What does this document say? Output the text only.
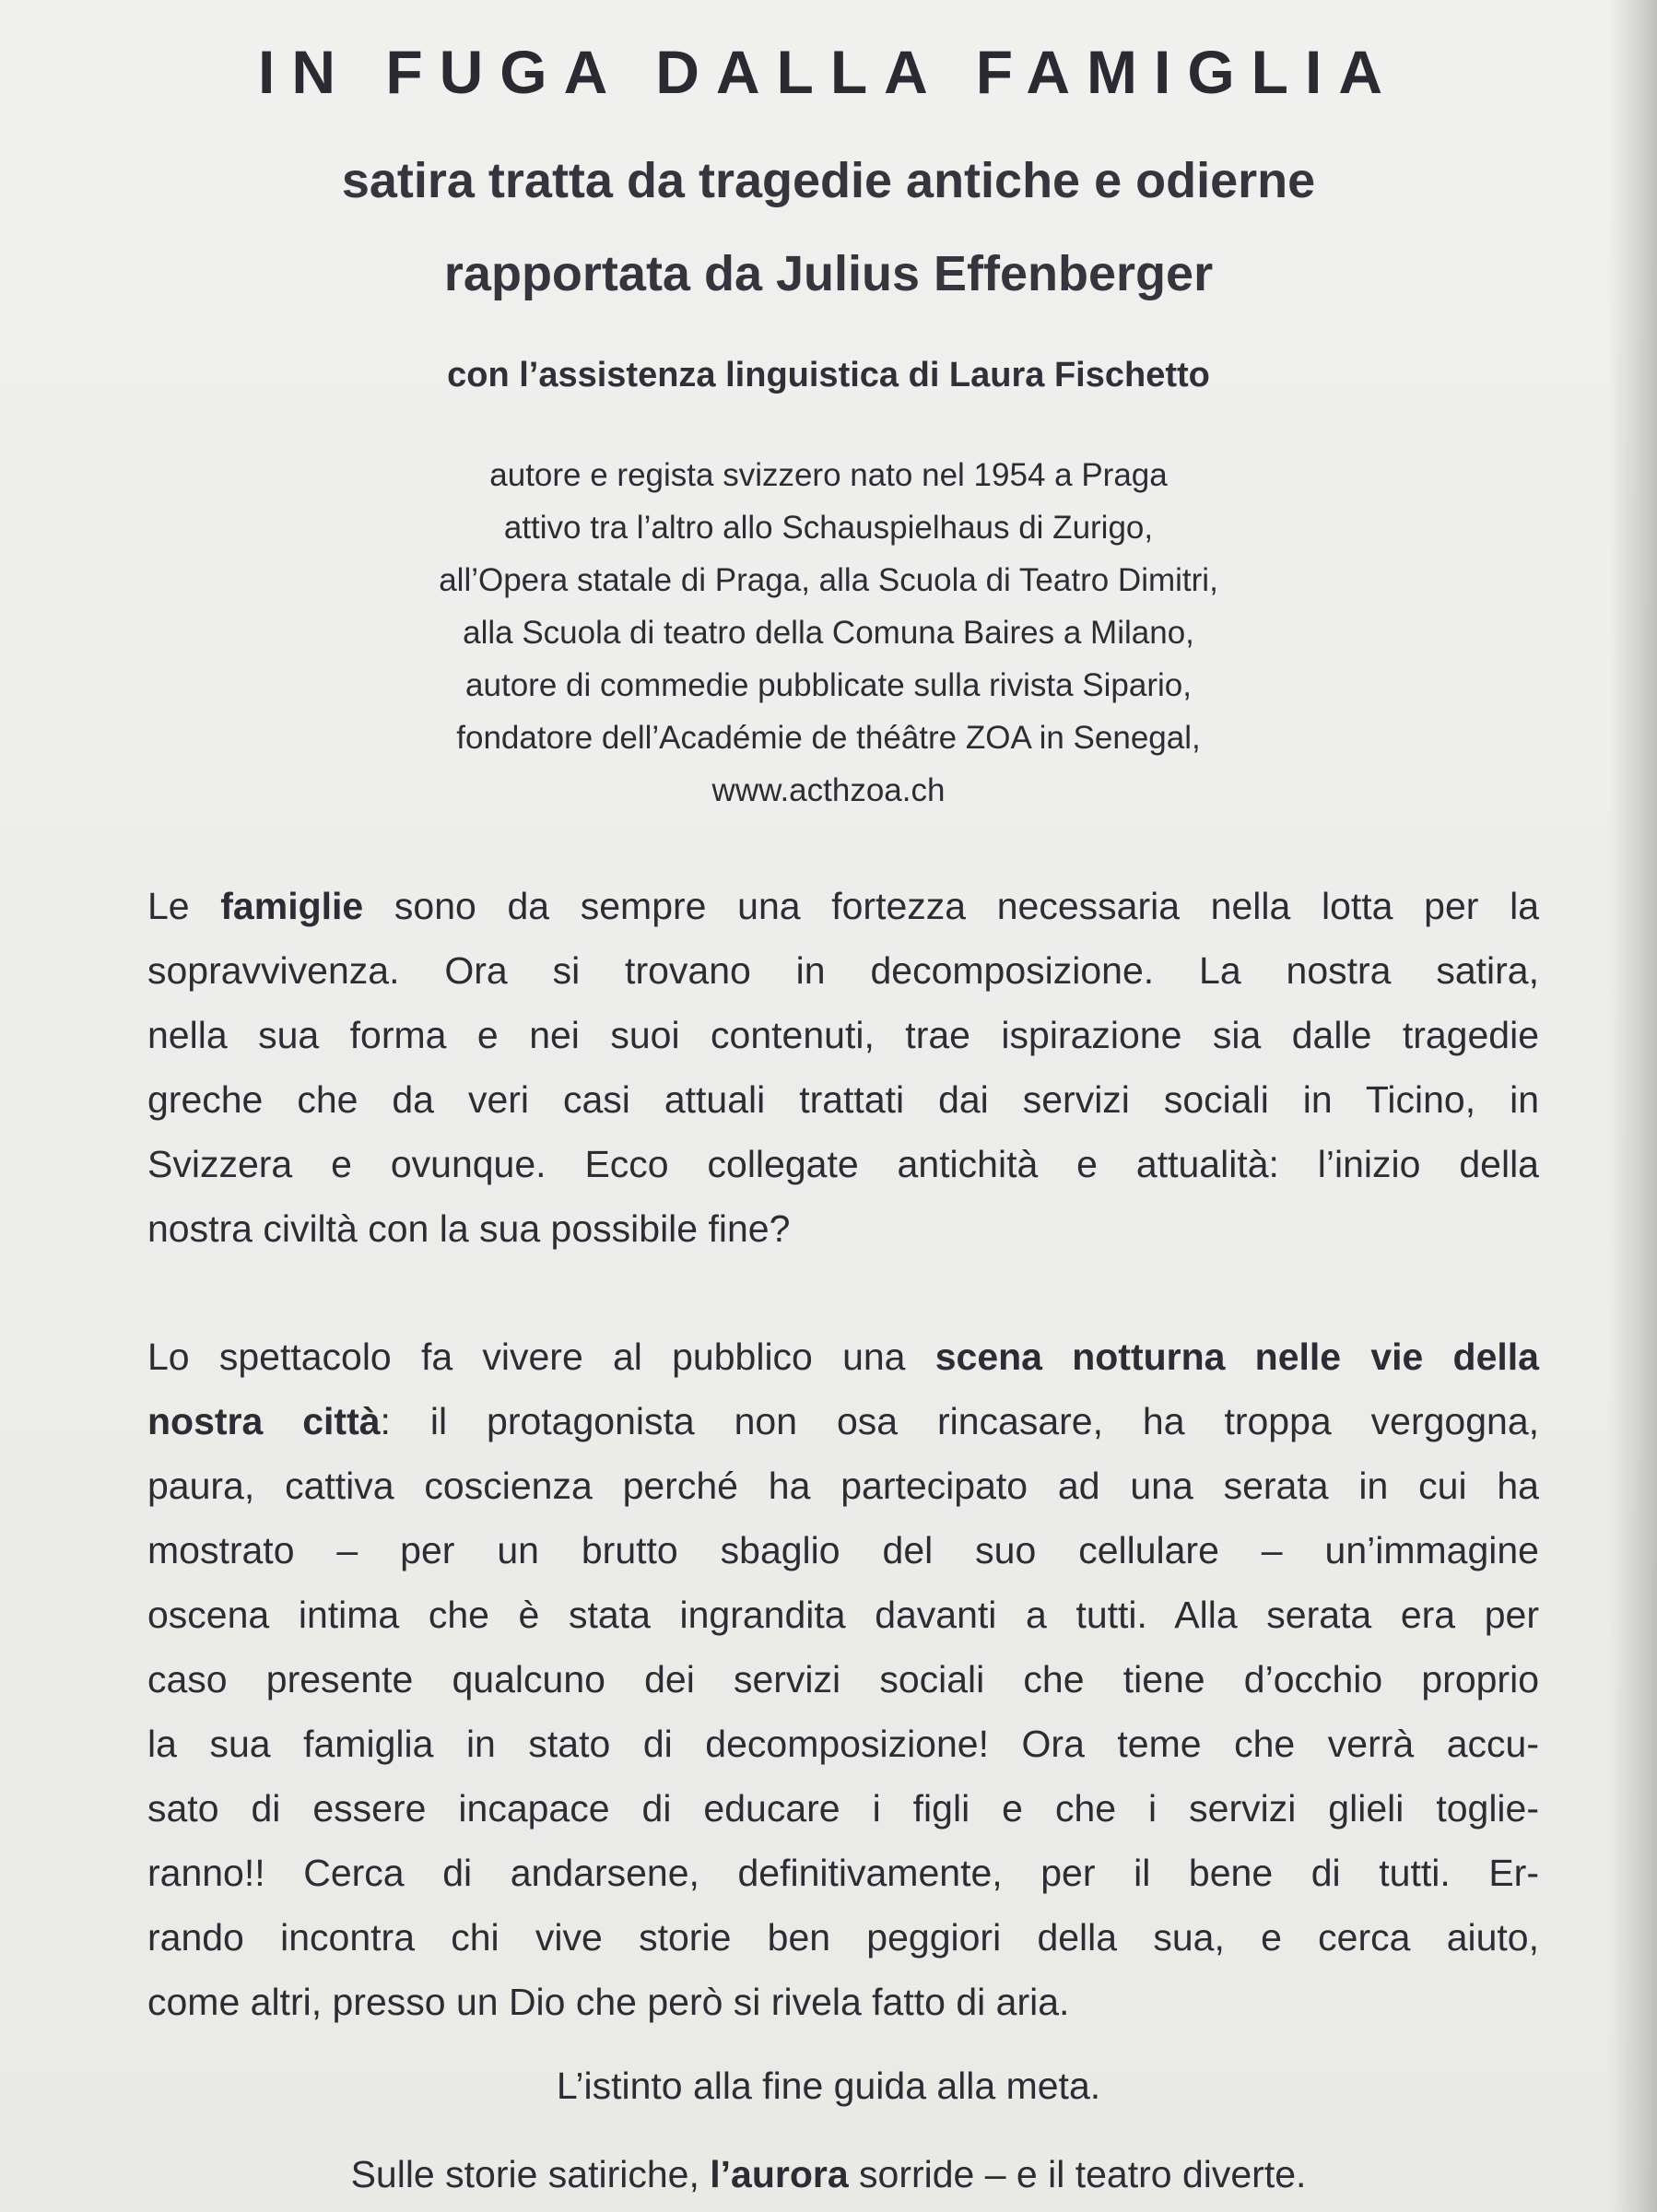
IN FUGA DALLA FAMIGLIA
satira tratta da tragedie antiche e odierne
rapportata da Julius Effenberger
con l’assistenza linguistica di Laura Fischetto
autore e regista svizzero nato nel 1954 a Praga
attivo tra l’altro allo Schauspielhaus di Zurigo,
all’Opera statale di Praga, alla Scuola di Teatro Dimitri,
alla Scuola di teatro della Comuna Baires a Milano,
autore di commedie pubblicate sulla rivista Sipario,
fondatore dell’Académie de théâtre ZOA in Senegal,
www.acthzoa.ch
Le famiglie sono da sempre una fortezza necessaria nella lotta per la
sopravvivenza. Ora si trovano in decomposizione. La nostra satira,
nella sua forma e nei suoi contenuti, trae ispirazione sia dalle tragedie
greche che da veri casi attuali trattati dai servizi sociali in Ticino, in
Svizzera e ovunque. Ecco collegate antichità e attualità: l’inizio della
nostra civiltà con la sua possibile fine?
Lo spettacolo fa vivere al pubblico una scena notturna nelle vie della
nostra città: il protagonista non osa rincasare, ha troppa vergogna,
paura, cattiva coscienza perché ha partecipato ad una serata in cui ha
mostrato – per un brutto sbaglio del suo cellulare – un’immagine
oscena intima che è stata ingrandita davanti a tutti. Alla serata era per
caso presente qualcuno dei servizi sociali che tiene d’occhio proprio
la sua famiglia in stato di decomposizione! Ora teme che verrà accu-
sato di essere incapace di educare i figli e che i servizi glieli toglie-
ranno!! Cerca di andarsene, definitivamente, per il bene di tutti. Er-
rando incontra chi vive storie ben peggiori della sua, e cerca aiuto,
come altri, presso un Dio che però si rivela fatto di aria.
L’istinto alla fine guida alla meta.
Sulle storie satiriche, l’aurora sorride – e il teatro diverte.
